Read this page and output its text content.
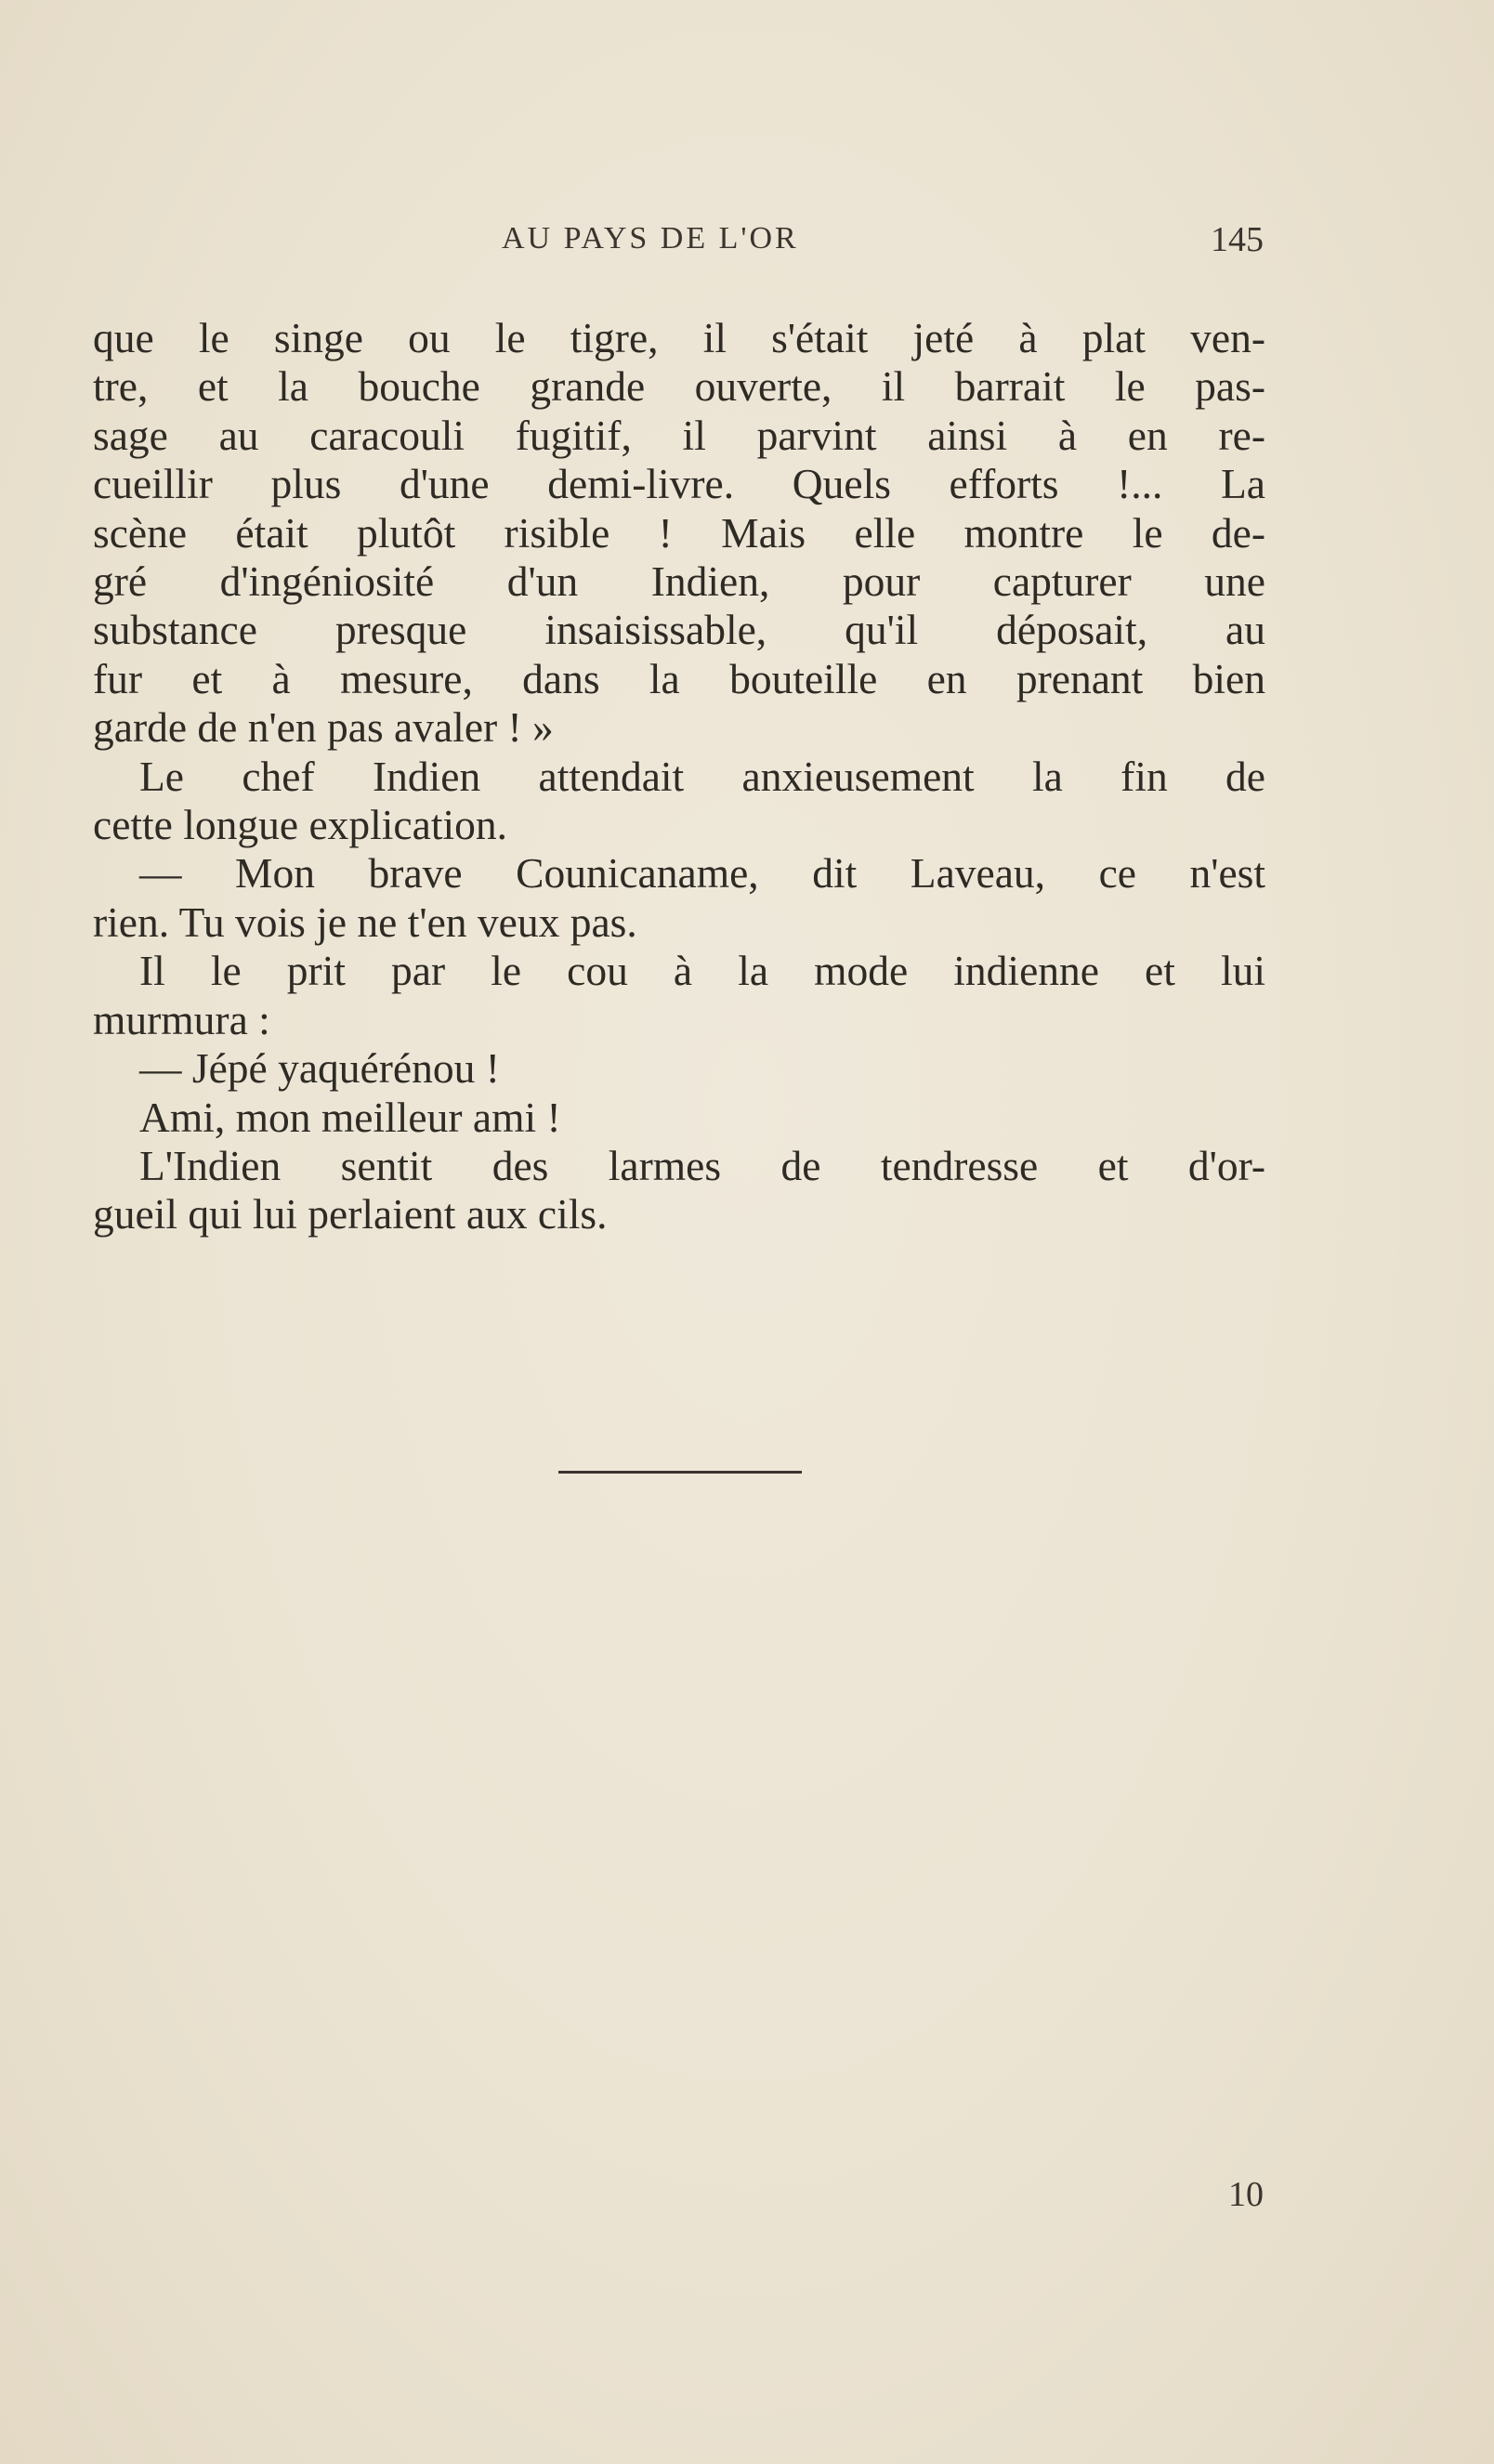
AU PAYS DE L'OR	145
que le singe ou le tigre, il s'était jeté à plat ven-
tre, et la bouche grande ouverte, il barrait le pas-
sage au caracouli fugitif, il parvint ainsi à en re-
cueillir plus d'une demi-livre. Quels efforts !... La
scène était plutôt risible ! Mais elle montre le de-
gré d'ingéniosité d'un Indien, pour capturer une
substance presque insaisissable, qu'il déposait, au
fur et à mesure, dans la bouteille en prenant bien
garde de n'en pas avaler ! »
Le chef Indien attendait anxieusement la fin de
cette longue explication.
— Mon brave Counicaname, dit Laveau, ce n'est
rien. Tu vois je ne t'en veux pas.
Il le prit par le cou à la mode indienne et lui
murmura :
— Jépé yaquérénou !
Ami, mon meilleur ami !
L'Indien sentit des larmes de tendresse et d'or-
gueil qui lui perlaient aux cils.
10
